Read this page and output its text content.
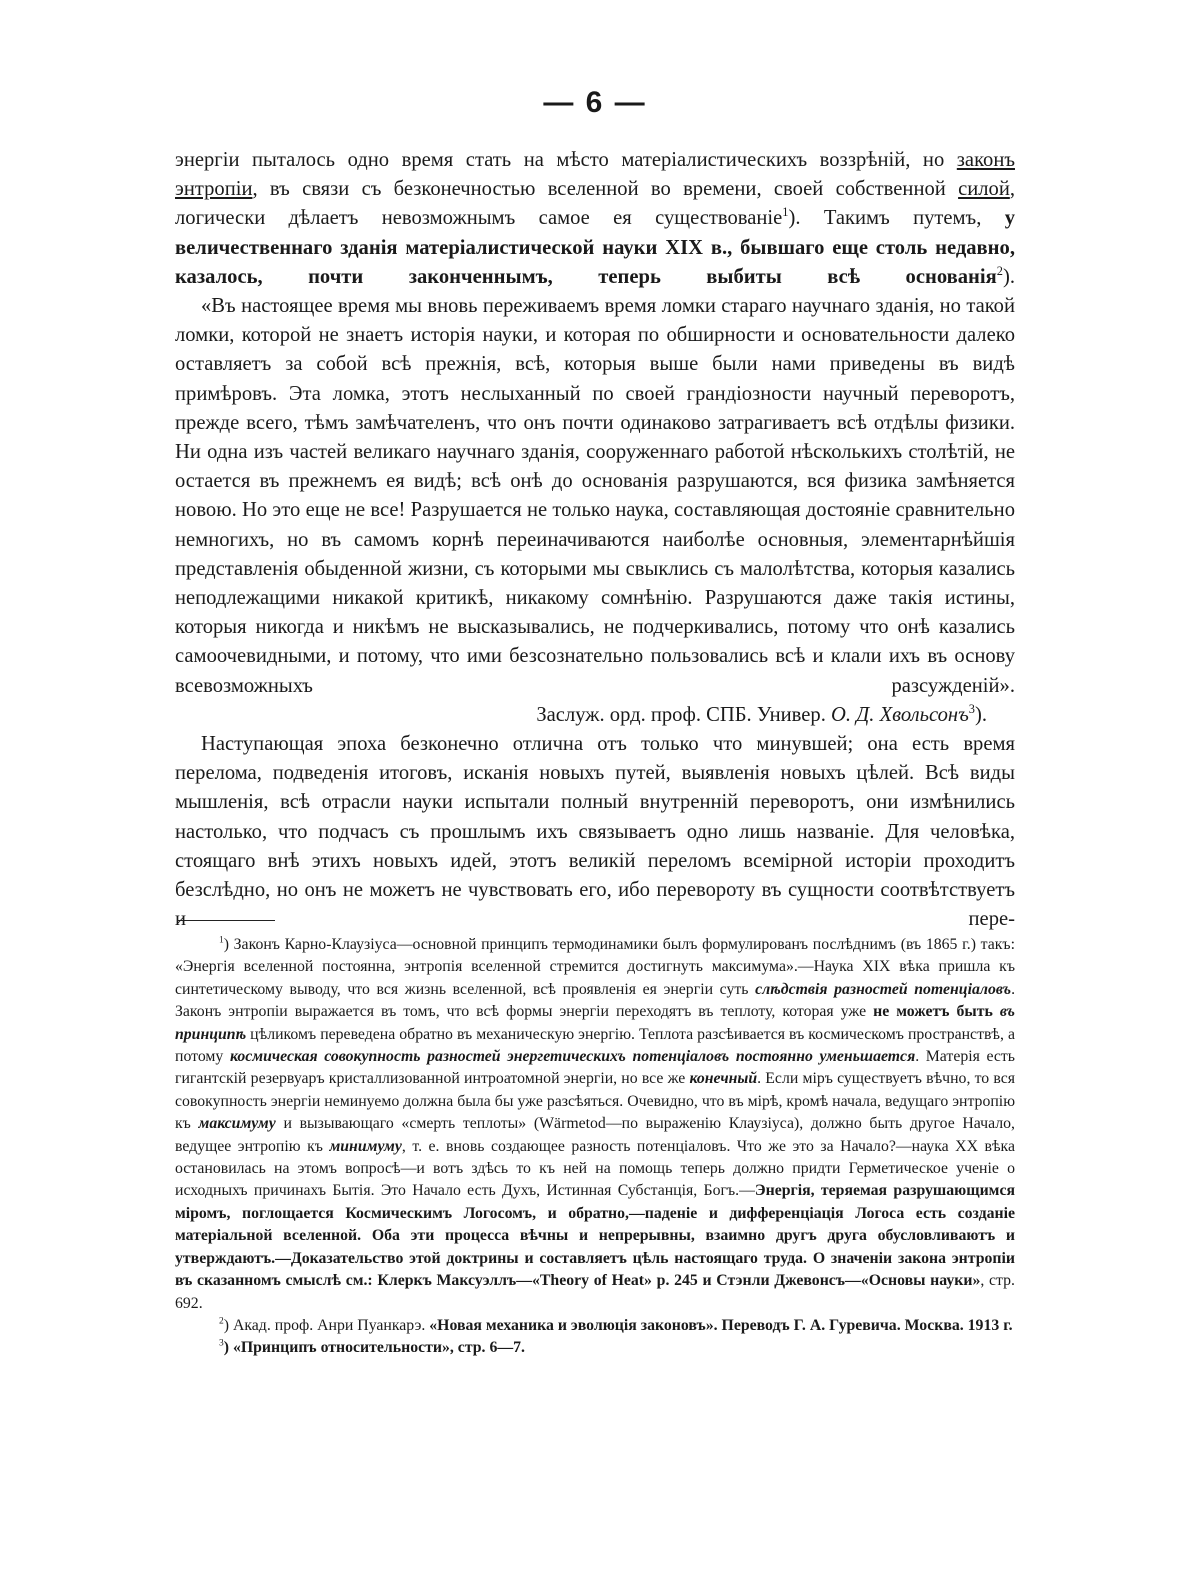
— 6 —

энергіи пыталось одно время стать на мѣсто матеріалистическихъ воззрѣній, но законъ энтропіи, въ связи съ безконечностью вселенной во времени, своей собственной силой, логически дѣлаетъ невозможнымъ самое ея существованіе$^1$). Такимъ путемъ, у величественнаго зданія матеріалистической науки XIX в., бывшаго еще столь недавно, казалось, почти законченнымъ, теперь выбиты всѣ основанія$^2$).

«Въ настоящее время мы вновь переживаемъ время ломки стараго научнаго зданія, но такой ломки, которой не знаетъ исторія науки, и которая по обширности и основательности далеко оставляетъ за собой всѣ прежнія, всѣ, которыя выше были нами приведены въ видѣ примѣровъ. Эта ломка, этотъ неслыханный по своей грандіозности научный переворотъ, прежде всего, тѣмъ замѣчателенъ, что онъ почти одинаково затрагиваетъ всѣ отдѣлы физики. Ни одна изъ частей великаго научнаго зданія, сооруженнаго работой нѣсколькихъ столѣтій, не остается въ прежнемъ ея видѣ; всѣ онѣ до основанія разрушаются, вся физика замѣняется новою. Но это еще не все! Разрушается не только наука, составляющая достояніе сравнительно немногихъ, но въ самомъ корнѣ переиначиваются наиболѣе основныя, элементарнѣйшія представленія обыденной жизни, съ которыми мы свыклись съ малолѣтства, которыя казались неподлежащими никакой критикѣ, никакому сомнѣнію. Разрушаются даже такія истины, которыя никогда и никѣмъ не высказывались, не подчеркивались, потому что онѣ казались самоочевидными, и потому, что ими безсознательно пользовались всѣ и клали ихъ въ основу всевозможныхъ разсужденій».

Заслуж. орд. проф. СПБ. Универ. О. Д. Хвольсонъ$^3$).

Наступающая эпоха безконечно отлична отъ только что минувшей; она есть время перелома, подведенія итоговъ, исканія новыхъ путей, выявленія новыхъ цѣлей. Всѣ виды мышленія, всѣ отрасли науки испытали полный внутренній переворотъ, они измѣнились настолько, что подчасъ съ прошлымъ ихъ связываетъ одно лишь названіе. Для человѣка, стоящаго внѣ этихъ новыхъ идей, этотъ великій переломъ всемірной исторіи проходитъ безслѣдно, но онъ не можетъ не чувствовать его, ибо перевороту въ сущности соотвѣтствуетъ и пере-

$^1$) Законъ Карно-Клаузіуса—основной принципъ термодинамики былъ формулированъ послѣднимъ (въ 1865 г.) такъ: «Энергія вселенной постоянна, энтропія вселенной стремится достигнуть максимума».—Наука XIX вѣка пришла къ синтетическому выводу, что вся жизнь вселенной, всѣ проявленія ея энергіи суть слѣдствія разностей потенціаловъ. Законъ энтропіи выражается въ томъ, что всѣ формы энергіи переходятъ въ теплоту, которая уже не можетъ быть въ принципѣ цѣликомъ переведена обратно въ механическую энергію. Теплота разсѣивается въ космическомъ пространствѣ, а потому космическая совокупность разностей энергетическихъ потенціаловъ постоянно уменьшается. Матерія есть гигантскій резервуаръ кристаллизованной интроатомной энергіи, но все же конечный. Если міръ существуетъ вѣчно, то вся совокупность энергіи неминуемо должна была бы уже разсѣяться. Очевидно, что въ мірѣ, кромѣ начала, ведущаго энтропію къ максимуму и вызывающаго «смерть теплоты» (Wärmetod—по выраженію Клаузіуса), должно быть другое Начало, ведущее энтропію къ минимуму, т. е. вновь создающее разность потенціаловъ. Что же это за Начало?—наука XX вѣка остановилась на этомъ вопросѣ—и вотъ здѣсь то къ ней на помощь теперь должно придти Герметическое ученіе о исходныхъ причинахъ Бытія. Это Начало есть Духъ, Истинная Субстанція, Богъ.—Энергія, теряемая разрушающимся міромъ, поглощается Космическимъ Логосомъ, и обратно,—паденіе и дифференціація Логоса есть созданіе матеріальной вселенной. Оба эти процесса вѣчны и непрерывны, взаимно другъ друга обусловливаютъ и утверждаютъ.—Доказательство этой доктрины и составляетъ цѣль настоящаго труда. О значеніи закона энтропіи въ сказанномъ смыслѣ см.: Клеркъ Максуэллъ—«Theory of Heat» р. 245 и Стэнли Джевонсъ—«Основы науки», стр. 692.

$^2$) Акад. проф. Анри Пуанкарэ. «Новая механика и эволюція законовъ». Переводъ Г. А. Гуревича. Москва. 1913 г.

$^3$) «Принципъ относительности», стр. 6—7.
